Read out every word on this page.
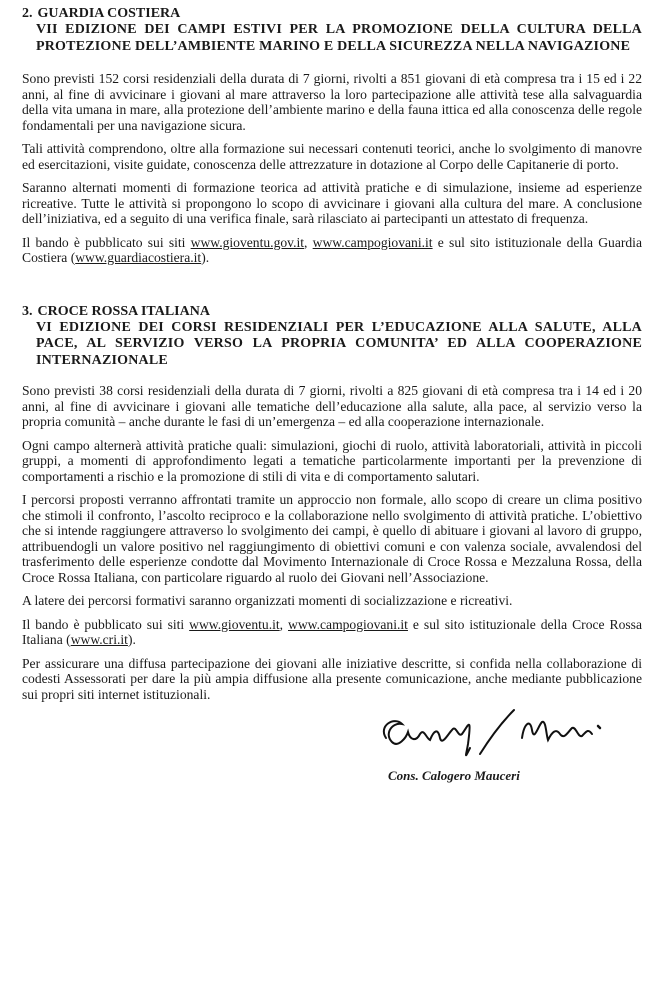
2. GUARDIA COSTIERA
VII EDIZIONE DEI CAMPI ESTIVI PER LA PROMOZIONE DELLA CULTURA DELLA PROTEZIONE DELL’AMBIENTE MARINO E DELLA SICUREZZA NELLA NAVIGAZIONE

Sono previsti 152 corsi residenziali della durata di 7 giorni, rivolti a 851 giovani di età compresa tra i 15 ed i 22 anni, al fine di avvicinare i giovani al mare attraverso la loro partecipazione alle attività tese alla salvaguardia della vita umana in mare, alla protezione dell’ambiente marino e della fauna ittica ed alla conoscenza delle regole fondamentali per una navigazione sicura.

Tali attività comprendono, oltre alla formazione sui necessari contenuti teorici, anche lo svolgimento di manovre ed esercitazioni, visite guidate, conoscenza delle attrezzature in dotazione al Corpo delle Capitanerie di porto.

Saranno alternati momenti di formazione teorica ad attività pratiche e di simulazione, insieme ad esperienze ricreative. Tutte le attività si propongono lo scopo di avvicinare i giovani alla cultura del mare. A conclusione dell’iniziativa, ed a seguito di una verifica finale, sarà rilasciato ai partecipanti un attestato di frequenza.

Il bando è pubblicato sui siti www.gioventu.gov.it, www.campogiovani.it e sul sito istituzionale della Guardia Costiera (www.guardiacostiera.it).

3. CROCE ROSSA ITALIANA
VI EDIZIONE DEI CORSI RESIDENZIALI PER L’EDUCAZIONE ALLA SALUTE, ALLA PACE, AL SERVIZIO VERSO LA PROPRIA COMUNITA’ ED ALLA COOPERAZIONE INTERNAZIONALE

Sono previsti 38 corsi residenziali della durata di 7 giorni, rivolti a 825 giovani di età compresa tra i 14 ed i 20 anni, al fine di avvicinare i giovani alle tematiche dell’educazione alla salute, alla pace, al servizio verso la propria comunità – anche durante le fasi di un’emergenza – ed alla cooperazione internazionale.

Ogni campo alternerà attività pratiche quali: simulazioni, giochi di ruolo, attività laboratoriali, attività in piccoli gruppi, a momenti di approfondimento legati a tematiche particolarmente importanti per la prevenzione di comportamenti a rischio e la promozione di stili di vita e di comportamento salutari.

I percorsi proposti verranno affrontati tramite un approccio non formale, allo scopo di creare un clima positivo che stimoli il confronto, l’ascolto reciproco e la collaborazione nello svolgimento di attività pratiche. L’obiettivo che si intende raggiungere attraverso lo svolgimento dei campi, è quello di abituare i giovani al lavoro di gruppo, attribuendogli un valore positivo nel raggiungimento di obiettivi comuni e con valenza sociale, avvalendosi del trasferimento delle esperienze condotte dal Movimento Internazionale di Croce Rossa e Mezzaluna Rossa, della Croce Rossa Italiana, con particolare riguardo al ruolo dei Giovani nell’Associazione.

A latere dei percorsi formativi saranno organizzati momenti di socializzazione e ricreativi.

Il bando è pubblicato sui siti www.gioventu.it, www.campogiovani.it e sul sito istituzionale della Croce Rossa Italiana (www.cri.it).

Per assicurare una diffusa partecipazione dei giovani alle iniziative descritte, si confida nella collaborazione di codesti Assessorati per dare la più ampia diffusione alla presente comunicazione, anche mediante pubblicazione sui propri siti internet istituzionali.

Cons. Calogero Mauceri
